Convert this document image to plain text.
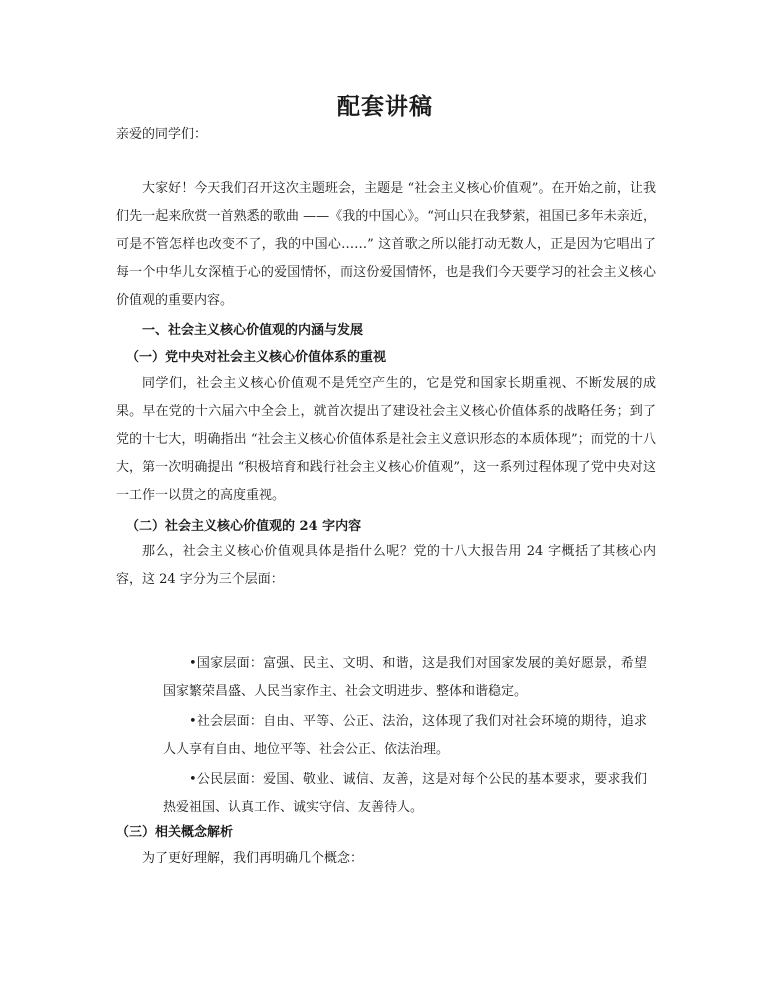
配套讲稿
亲爱的同学们：
大家好！今天我们召开这次主题班会，主题是 “社会主义核心价值观”。在开始之前，让我们先一起来欣赏一首熟悉的歌曲 ——《我的中国心》。“河山只在我梦萦，祖国已多年未亲近，可是不管怎样也改变不了，我的中国心……” 这首歌之所以能打动无数人，正是因为它唱出了每一个中华儿女深植于心的爱国情怀，而这份爱国情怀，也是我们今天要学习的社会主义核心价值观的重要内容。
一、社会主义核心价值观的内涵与发展
（一）党中央对社会主义核心价值体系的重视
同学们，社会主义核心价值观不是凭空产生的，它是党和国家长期重视、不断发展的成果。早在党的十六届六中全会上，就首次提出了建设社会主义核心价值体系的战略任务；到了党的十七大，明确指出 “社会主义核心价值体系是社会主义意识形态的本质体现”；而党的十八大，第一次明确提出 “积极培育和践行社会主义核心价值观”，这一系列过程体现了党中央对这一工作一以贯之的高度重视。
（二）社会主义核心价值观的 24 字内容
那么，社会主义核心价值观具体是指什么呢？党的十八大报告用 24 字概括了其核心内容，这 24 字分为三个层面：
•国家层面：富强、民主、文明、和谐，这是我们对国家发展的美好愿景，希望国家繁荣昌盛、人民当家作主、社会文明进步、整体和谐稳定。
•社会层面：自由、平等、公正、法治，这体现了我们对社会环境的期待，追求人人享有自由、地位平等、社会公正、依法治理。
•公民层面：爱国、敬业、诚信、友善，这是对每个公民的基本要求，要求我们热爱祖国、认真工作、诚实守信、友善待人。
（三）相关概念解析
为了更好理解，我们再明确几个概念：
